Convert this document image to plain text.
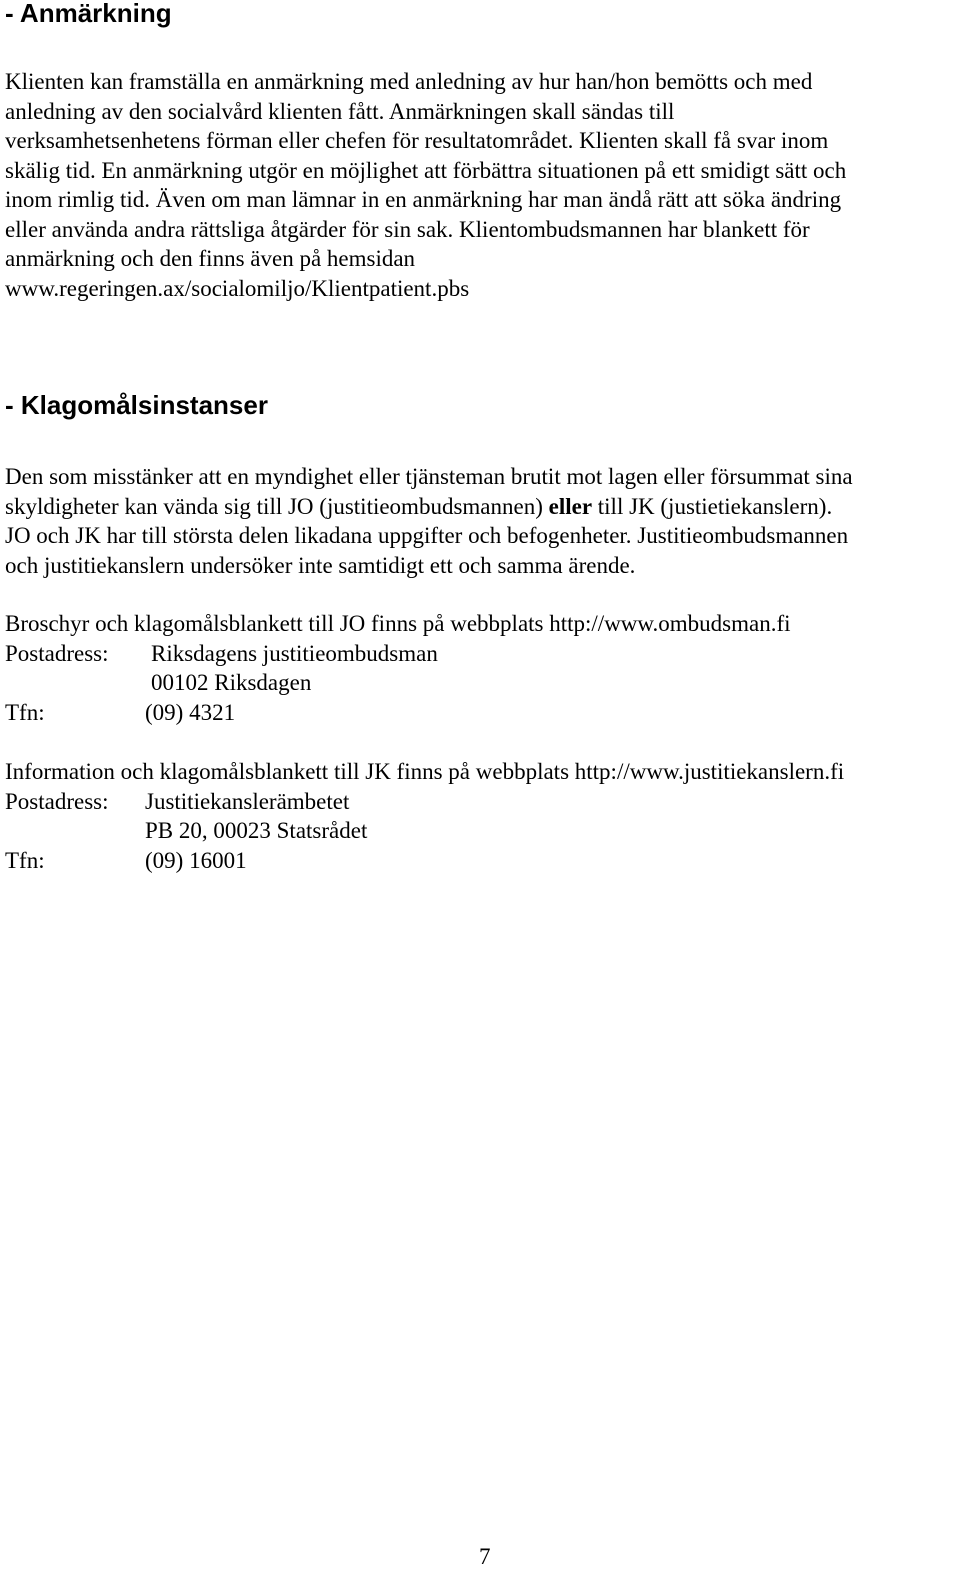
- Anmärkning
Klienten kan framställa en anmärkning med anledning av hur han/hon bemötts och med
anledning av den socialvård klienten fått. Anmärkningen skall sändas till
verksamhetsenhetens förman eller chefen för resultatområdet. Klienten skall få svar inom
skälig tid. En anmärkning utgör en möjlighet att förbättra situationen på ett smidigt sätt och
inom rimlig tid. Även om man lämnar in en anmärkning har man ändå rätt att söka ändring
eller använda andra rättsliga åtgärder för sin sak. Klientombudsmannen har blankett för
anmärkning och den finns även på hemsidan
www.regeringen.ax/socialomiljo/Klientpatient.pbs
- Klagomålsinstanser
Den som misstänker att en myndighet eller tjänsteman brutit mot lagen eller försummat sina
skyldigheter kan vända sig till JO (justitieombudsmannen) eller till JK (justietiekanslern).
JO och JK har till största delen likadana uppgifter och befogenheter. Justitieombudsmannen
och justitiekanslern undersöker inte samtidigt ett och samma ärende.
Broschyr och klagomålsblankett till JO finns på webbplats http://www.ombudsman.fi
Postadress: Riksdagens justitieombudsman
00102 Riksdagen
Tfn:	(09) 4321
Information och klagomålsblankett till JK finns på webbplats http://www.justitiekanslern.fi
Postadress: Justitiekanslerämbetet
PB 20, 00023 Statsrådet
Tfn:	(09) 16001
7
